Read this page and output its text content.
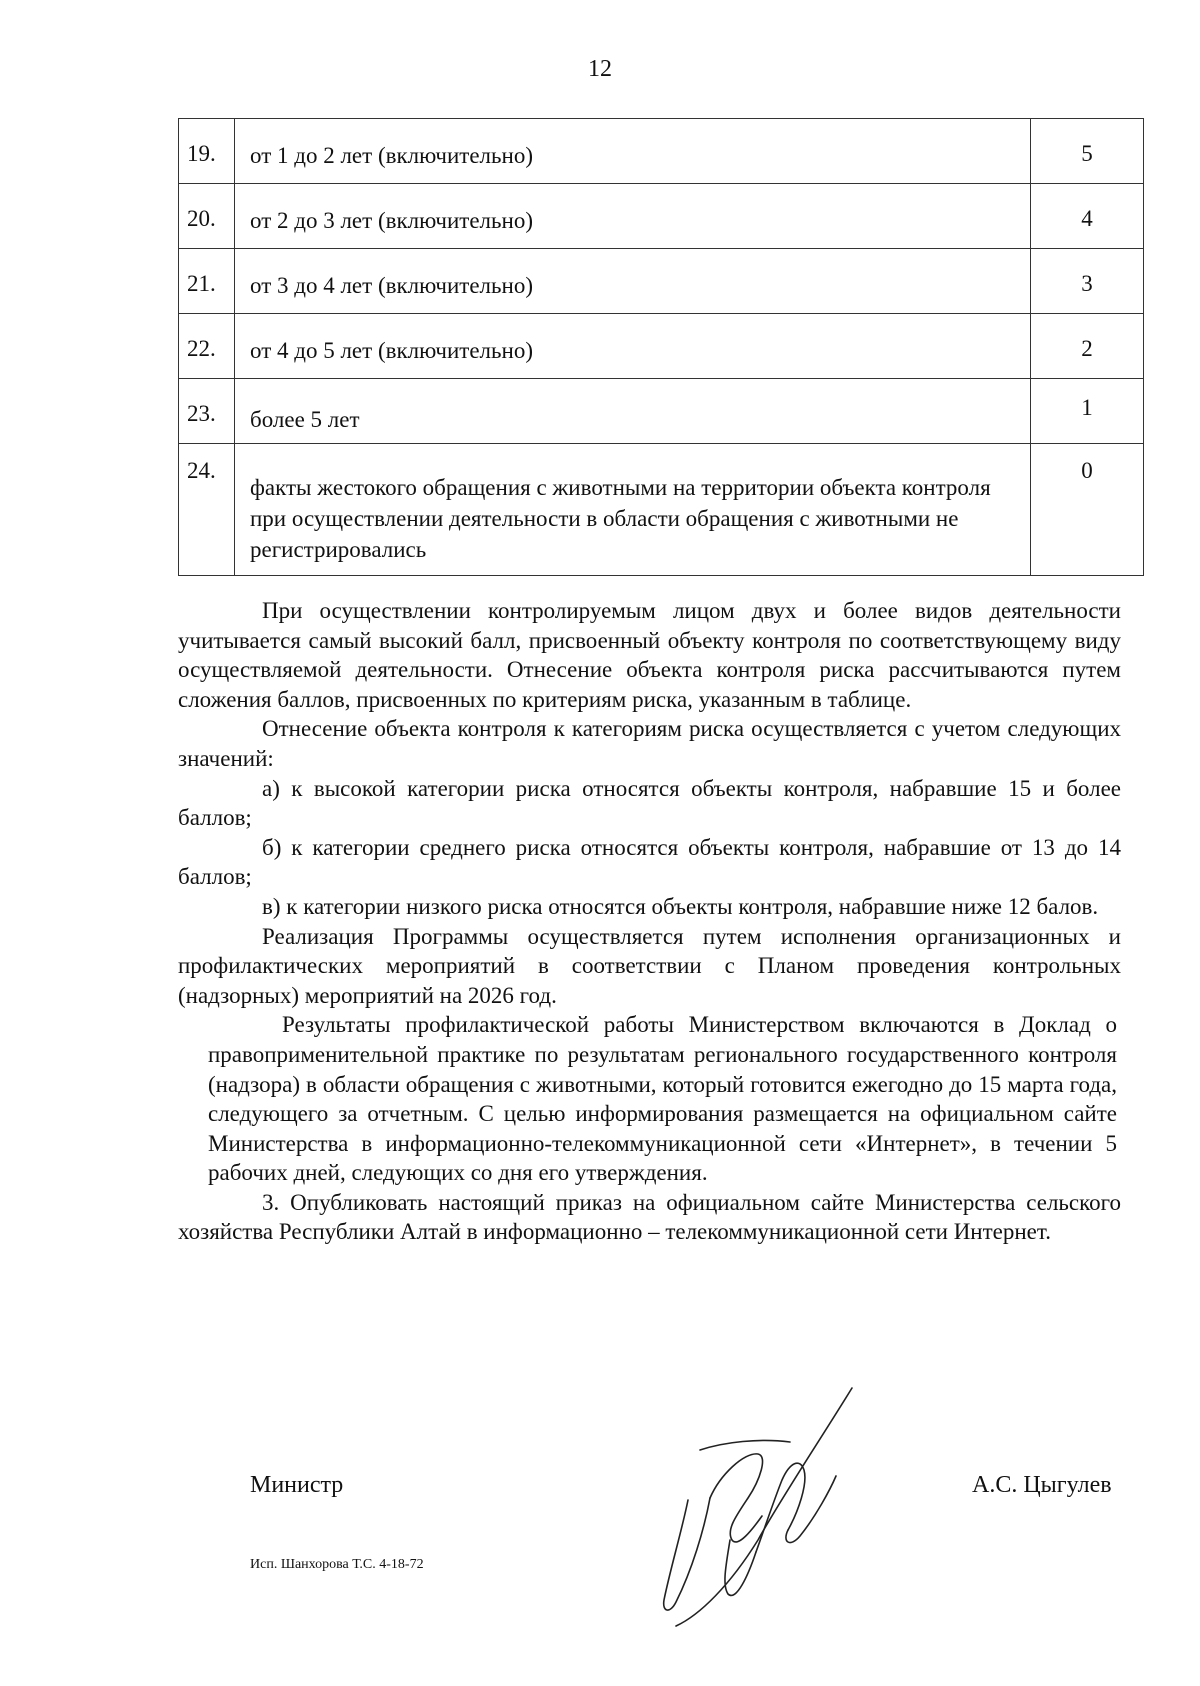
12
19.	от 1 до 2 лет (включительно)	5
20.	от 2 до 3 лет (включительно)	4
21.	от 3 до 4 лет (включительно)	3
22.	от 4 до 5 лет (включительно)	2
23.	более 5 лет	1
24.	факты жестокого обращения с животными на территории объекта контроля при осуществлении деятельности в области обращения с животными не регистрировались	0

При осуществлении контролируемым лицом двух и более видов деятельности учитывается самый высокий балл, присвоенный объекту контроля по соответствующему виду осуществляемой деятельности. Отнесение объекта контроля риска рассчитываются путем сложения баллов, присвоенных по критериям риска, указанным в таблице.

Отнесение объекта контроля к категориям риска осуществляется с учетом следующих значений:

а) к высокой категории риска относятся объекты контроля, набравшие 15 и более баллов;

б) к категории среднего риска относятся объекты контроля, набравшие от 13 до 14 баллов;

в) к категории низкого риска относятся объекты контроля, набравшие ниже 12 балов.

Реализация Программы осуществляется путем исполнения организационных и профилактических мероприятий в соответствии с Планом проведения контрольных (надзорных) мероприятий на 2026 год.

Результаты профилактической работы Министерством включаются в Доклад о правоприменительной практике по результатам регионального государственного контроля (надзора) в области обращения с животными, который готовится ежегодно до 15 марта года, следующего за отчетным. С целью информирования размещается на официальном сайте Министерства в информационно-телекоммуникационной сети «Интернет», в течении 5 рабочих дней, следующих со дня его утверждения.

3. Опубликовать настоящий приказ на официальном сайте Министерства сельского хозяйства Республики Алтай в информационно – телекоммуникационной сети Интернет.

Министр	А.С. Цыгулев
Исп. Шанхорова Т.С. 4-18-72
